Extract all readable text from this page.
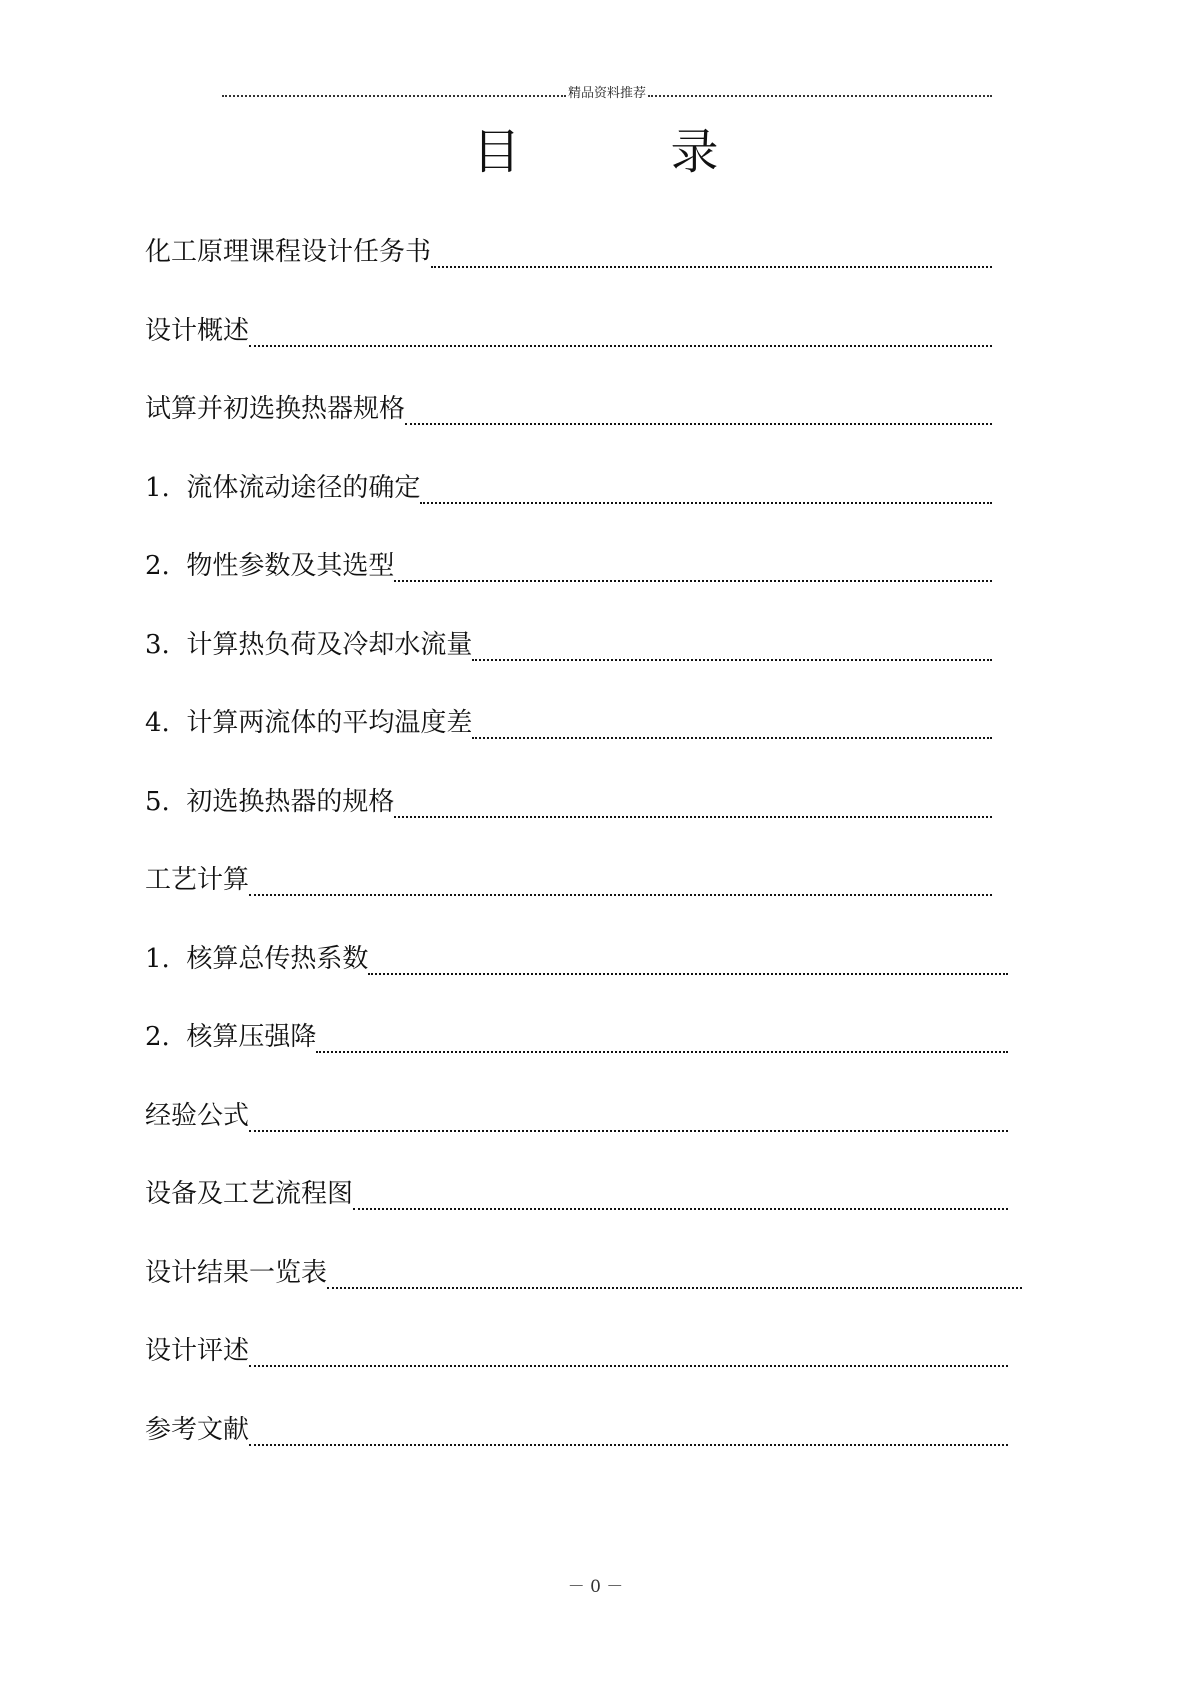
精品资料推荐
目	录
化工原理课程设计任务书
设计概述
试算并初选换热器规格
1.  流体流动途径的确定
2.  物性参数及其选型
3.  计算热负荷及冷却水流量
4.  计算两流体的平均温度差
5.  初选换热器的规格
工艺计算
1.  核算总传热系数
2.  核算压强降
经验公式
设备及工艺流程图
设计结果一览表
设计评述
参考文献
－ 0 －
